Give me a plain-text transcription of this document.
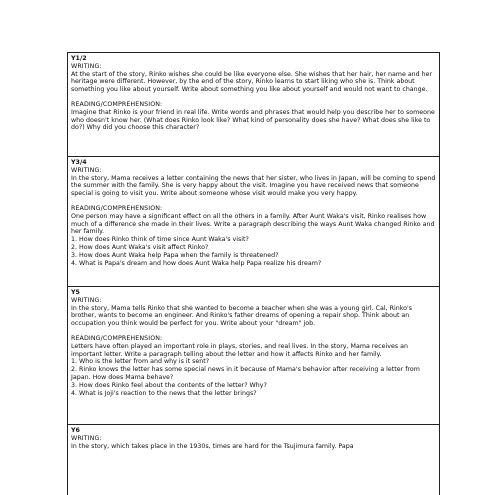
Y1/2
WRITING:

At the start of the story, Rinko wishes she could be like everyone else. She wishes that her hair, her name and her heritage were different. However, by the end of the story, Rinko learns to start liking who she is. Think about something you like about yourself. Write about something you like about yourself and would not want to change.

READING/COMPREHENSION:

Imagine that Rinko is your friend in real life. Write words and phrases that would help you describe her to someone who doesn't know her. (What does Rinko look like? What kind of personality does she have? What does she like to do?) Why did you choose this character?

Y3/4
WRITING:

In the story, Mama receives a letter containing the news that her sister, who lives in Japan, will be coming to spend the summer with the family. She is very happy about the visit. Imagine you have received news that someone special is going to visit you. Write about someone whose visit would make you very happy.

READING/COMPREHENSION:

One person may have a significant effect on all the others in a family. After Aunt Waka's visit, Rinko realises how much of a difference she made in their lives. Write a paragraph describing the ways Aunt Waka changed Rinko and her family.

1. How does Rinko think of time since Aunt Waka's visit?
2. How does Aunt Waka's visit affect Rinko?
3. How does Aunt Waka help Papa when the family is threatened?
4. What is Papa's dream and how does Aunt Waka help Papa realize his dream?
Y5
WRITING:

In the story, Mama tells Rinko that she wanted to become a teacher when she was a young girl. Cal, Rinko's brother, wants to become an engineer. And Rinko's father dreams of opening a repair shop. Think about an occupation you think would be perfect for you. Write about your "dream" job.

READING/COMPREHENSION:

Letters have often played an important role in plays, stories, and real lives. In the story, Mama receives an important letter. Write a paragraph telling about the letter and how it affects Rinko and her family.

1. Who is the letter from and why is it sent?
2. Rinko knows the letter has some special news in it because of Mama's behavior after receiving a letter from Japan. How does Mama behave?
3. How does Rinko feel about the contents of the letter? Why?
4. What is Joji's reaction to the news that the letter brings?
Y6
WRITING:

In the story, which takes place in the 1930s, times are hard for the Tsujimura family. Papa
